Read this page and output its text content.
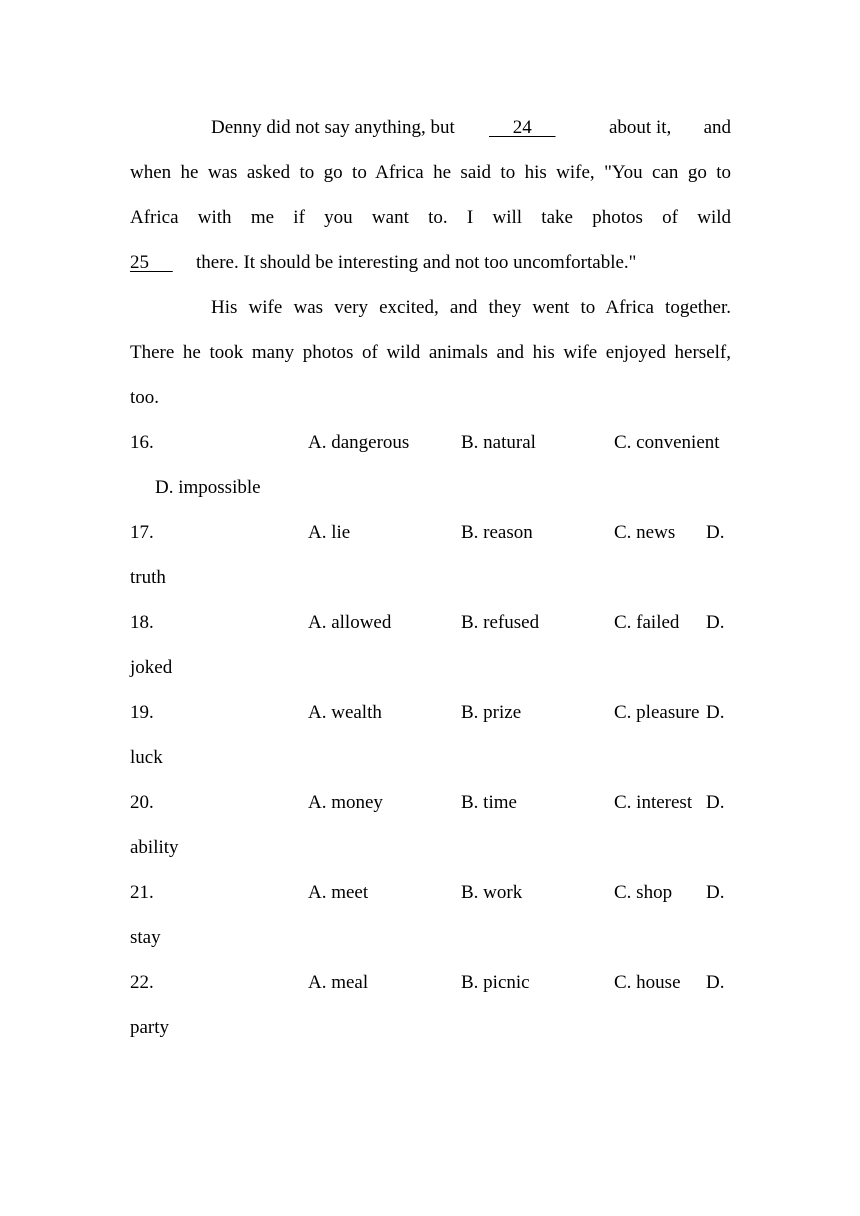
Denny did not say anything, but 24	about it, and
when he was asked to go to Africa he said to his wife, "You can go to
Africa with me if you want to. I will take photos of wild
25 there. It should be interesting and not too uncomfortable."
His wife was very excited, and they went to Africa together.
There he took many photos of wild animals and his wife enjoyed herself,
too.
16.	A. dangerous	B. natural	C. convenient
D. impossible
17.	A. lie	B. reason	C. news D.
truth
18.	A. allowed	B. refused	C. failed D.
joked
19.	A. wealth	B. prize	C. pleasure D.
luck
20.	A. money	B. time	C. interest D.
ability
21.	A. meet	B. work	C. shop D.
stay
22.	A. meal	B. picnic	C. house D.
party
